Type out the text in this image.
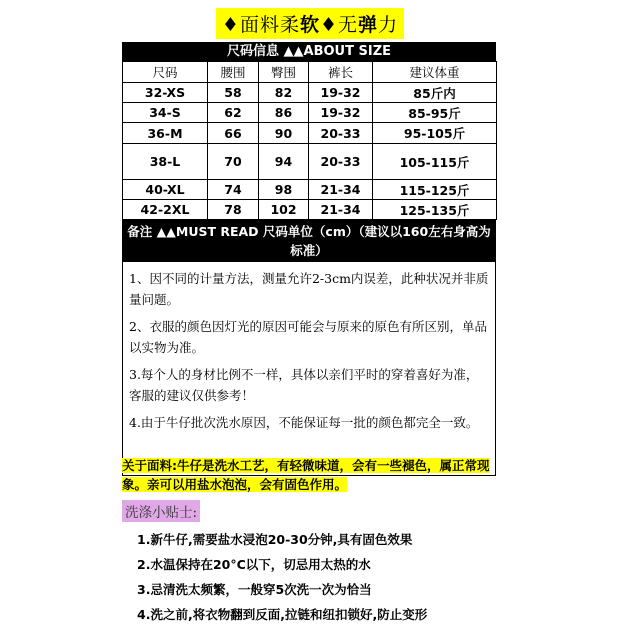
♦面料柔软♦无弹力
尺码信息 ▲▲ABOUT SIZE
尺码	腰围	臀围	裤长	建议体重
32-XS	58	82	19-32	85斤内
34-S	62	86	19-32	85-95斤
36-M	66	90	20-33	95-105斤
38-L	70	94	20-33	105-115斤
40-XL	74	98	21-34	115-125斤
42-2XL	78	102	21-34	125-135斤
备注 ▲▲MUST READ 尺码单位（cm）（建议以160左右身高为标准）

1、因不同的计量方法，测量允许2-3cm内误差，此种状况并非质量问题。

2、衣服的颜色因灯光的原因可能会与原来的原色有所区别，单品以实物为准。

3.每个人的身材比例不一样，具体以亲们平时的穿着喜好为准，客服的建议仅供参考！

4.由于牛仔批次洗水原因，不能保证每一批的颜色都完全一致。

关于面料:牛仔是洗水工艺，有轻微味道，会有一些褪色，属正常现象。亲可以用盐水泡泡，会有固色作用。
洗涤小贴士:
1.新牛仔,需要盐水浸泡20-30分钟,具有固色效果
2.水温保持在20°C以下，切忌用太热的水
3.忌清洗太频繁，一般穿5次洗一次为恰当
4.洗之前,将衣物翻到反面,拉链和纽扣锁好,防止变形
